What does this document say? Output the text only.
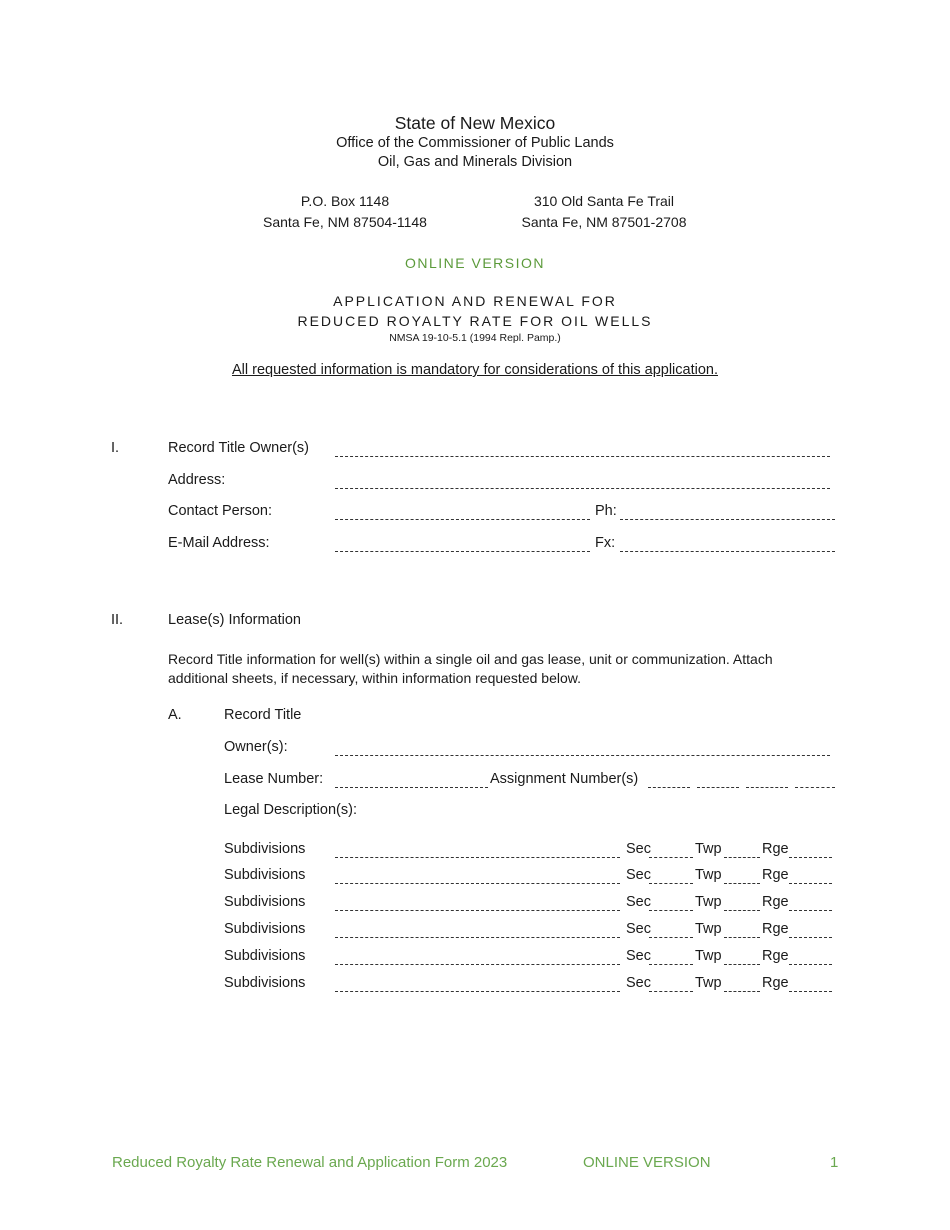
State of New Mexico
Office of the Commissioner of Public Lands
Oil, Gas and Minerals Division
P.O. Box 1148
Santa Fe, NM 87504-1148
310 Old Santa Fe Trail
Santa Fe, NM 87501-2708
ONLINE VERSION
APPLICATION AND RENEWAL FOR
REDUCED ROYALTY RATE FOR OIL WELLS
NMSA 19-10-5.1 (1994 Repl. Pamp.)
All requested information is mandatory for considerations of this application.
I.	Record Title Owner(s)
Address:
Contact Person:	Ph:
E-Mail Address:	Fx:
II.	Lease(s) Information
Record Title information for well(s) within a single oil and gas lease, unit or communization. Attach additional sheets, if necessary, within information requested below.
A.	Record Title
Owner(s):
Lease Number:	Assignment Number(s)
Legal Description(s):
Subdivisions	Sec	Twp	Rge
Subdivisions	Sec	Twp	Rge
Subdivisions	Sec	Twp	Rge
Subdivisions	Sec	Twp	Rge
Subdivisions	Sec	Twp	Rge
Subdivisions	Sec	Twp	Rge
Reduced Royalty Rate Renewal and Application Form 2023	ONLINE VERSION	1
